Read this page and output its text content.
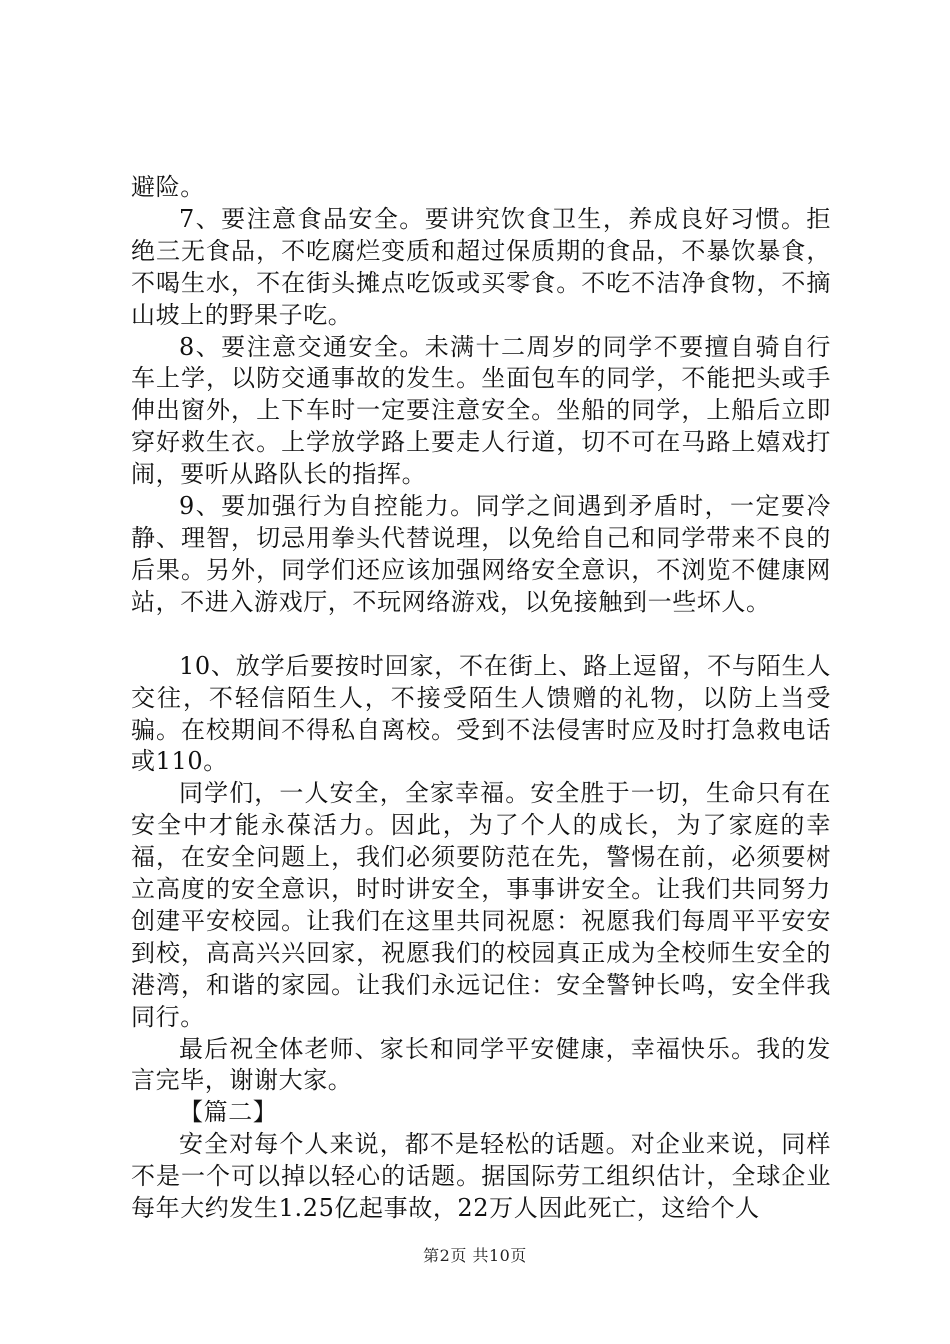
避险。

7、要注意食品安全。要讲究饮食卫生，养成良好习惯。拒绝三无食品，不吃腐烂变质和超过保质期的食品，不暴饮暴食，不喝生水，不在街头摊点吃饭或买零食。不吃不洁净食物，不摘山坡上的野果子吃。

8、要注意交通安全。未满十二周岁的同学不要擅自骑自行车上学，以防交通事故的发生。坐面包车的同学，不能把头或手伸出窗外，上下车时一定要注意安全。坐船的同学，上船后立即穿好救生衣。上学放学路上要走人行道，切不可在马路上嬉戏打闹，要听从路队长的指挥。

9、要加强行为自控能力。同学之间遇到矛盾时，一定要冷静、理智，切忌用拳头代替说理，以免给自己和同学带来不良的后果。另外，同学们还应该加强网络安全意识，不浏览不健康网站，不进入游戏厅，不玩网络游戏，以免接触到一些坏人。

10、放学后要按时回家，不在街上、路上逗留，不与陌生人交往，不轻信陌生人，不接受陌生人馈赠的礼物，以防上当受骗。在校期间不得私自离校。受到不法侵害时应及时打急救电话或110。

同学们，一人安全，全家幸福。安全胜于一切，生命只有在安全中才能永葆活力。因此，为了个人的成长，为了家庭的幸福，在安全问题上，我们必须要防范在先，警惕在前，必须要树立高度的安全意识，时时讲安全，事事讲安全。让我们共同努力创建平安校园。让我们在这里共同祝愿：祝愿我们每周平平安安到校，高高兴兴回家，祝愿我们的校园真正成为全校师生安全的港湾，和谐的家园。让我们永远记住：安全警钟长鸣，安全伴我同行。

最后祝全体老师、家长和同学平安健康，幸福快乐。我的发言完毕，谢谢大家。

【篇二】

安全对每个人来说，都不是轻松的话题。对企业来说，同样不是一个可以掉以轻心的话题。据国际劳工组织估计，全球企业每年大约发生1.25亿起事故，22万人因此死亡，这给个人

第2页 共10页
